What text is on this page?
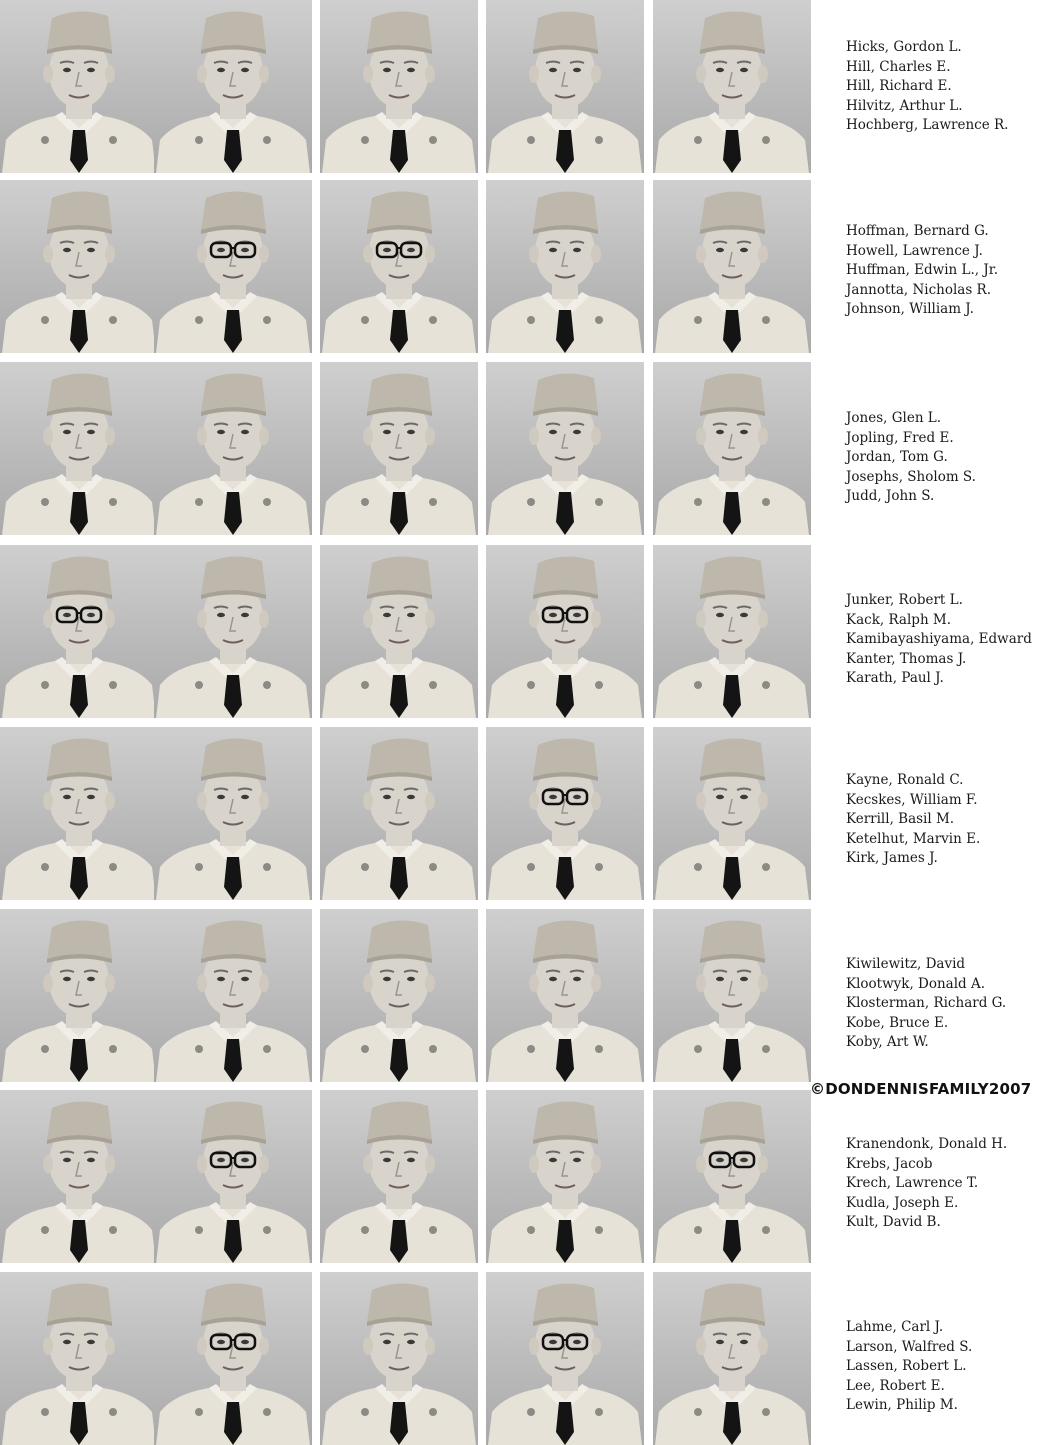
Hicks, Gordon L.
Hill, Charles E.
Hill, Richard E.
Hilvitz, Arthur L.
Hochberg, Lawrence R.
Hoffman, Bernard G.
Howell, Lawrence J.
Huffman, Edwin L., Jr.
Jannotta, Nicholas R.
Johnson, William J.
Jones, Glen L.
Jopling, Fred E.
Jordan, Tom G.
Josephs, Sholom S.
Judd, John S.
Junker, Robert L.
Kack, Ralph M.
Kamibayashiyama, Edward
Kanter, Thomas J.
Karath, Paul J.
Kayne, Ronald C.
Kecskes, William F.
Kerrill, Basil M.
Ketelhut, Marvin E.
Kirk, James J.
Kiwilewitz, David
Klootwyk, Donald A.
Klosterman, Richard G.
Kobe, Bruce E.
Koby, Art W.
Kranendonk, Donald H.
Krebs, Jacob
Krech, Lawrence T.
Kudla, Joseph E.
Kult, David B.
Lahme, Carl J.
Larson, Walfred S.
Lassen, Robert L.
Lee, Robert E.
Lewin, Philip M.
©DONDENNISFAMILY2007
